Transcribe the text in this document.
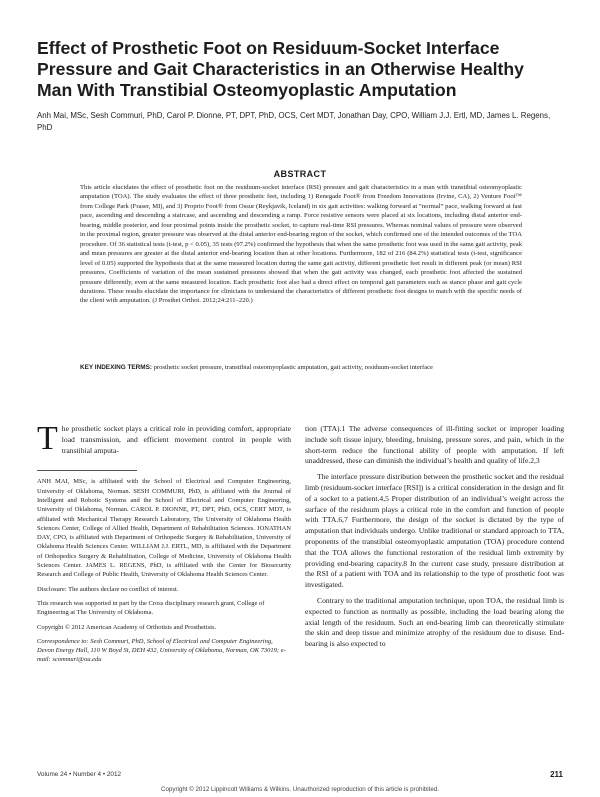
Effect of Prosthetic Foot on Residuum-Socket Interface Pressure and Gait Characteristics in an Otherwise Healthy Man With Transtibial Osteomyoplastic Amputation
Anh Mai, MSc, Sesh Commuri, PhD, Carol P. Dionne, PT, DPT, PhD, OCS, Cert MDT, Jonathan Day, CPO, William J.J. Ertl, MD, James L. Regens, PhD
ABSTRACT
This article elucidates the effect of prosthetic foot on the residuum-socket interface (RSI) pressure and gait characteristics in a man with transtibial osteomyoplastic amputation (TOA). The study evaluates the effect of three prosthetic feet, including 1) Renegade Foot® from Freedom Innovations (Irvine, CA), 2) Venture Foot™ from College Park (Fraser, MI), and 3) Proprio Foot® from Ossur (Reykjavik, Iceland) in six gait activities: walking forward at “normal” pace, walking forward at fast pace, ascending and descending a staircase, and ascending and descending a ramp. Force resistive sensors were placed at six locations, including distal anterior end-bearing, middle posterior, and four proximal points inside the prosthetic socket, to capture real-time RSI pressures. Whereas nominal values of pressure were observed in the proximal region, greater pressure was observed at the distal anterior end-bearing region of the socket, which confirmed one of the intended outcomes of the TOA procedure. Of 36 statistical tests (t-test, p < 0.05), 35 tests (97.2%) confirmed the hypothesis that when the same prosthetic foot was used in the same gait activity, peak and mean pressures are greater at the distal anterior end-bearing location than at other locations. Furthermore, 182 of 216 (84.2%) statistical tests (t-test, significance level of 0.05) supported the hypothesis that at the same measured location during the same gait activity, different prosthetic feet result in different peak (or mean) RSI pressures. Coefficients of variation of the mean sustained pressures showed that when the gait activity was changed, each prosthetic foot affected the sustained pressure differently, even at the same measured location. Each prosthetic foot also had a direct effect on temporal gait parameters such as stance phase and gait cycle durations. These results elucidate the importance for clinicians to understand the characteristics of different prosthetic foot designs to match with the specific needs of the client with amputation. (J Prosthet Orthot. 2012;24:211–220.)
KEY INDEXING TERMS: prosthetic socket pressure, transtibial osteomyoplastic amputation, gait activity, residuum-socket interface

The prosthetic socket plays a critical role in providing comfort, appropriate load transmission, and efficient movement control in people with transtibial amputa-

ANH MAI, MSc, is affiliated with the School of Electrical and Computer Engineering, University of Oklahoma, Norman. SESH COMMURI, PhD, is affiliated with the Journal of Intelligent and Robotic Systems and the School of Electrical and Computer Engineering, University of Oklahoma, Norman. CAROL P. DIONNE, PT, DPT, PhD, OCS, CERT MDT, is affiliated with Mechanical Therapy Research Laboratory, The University of Oklahoma Health Sciences Center, College of Allied Health, Department of Rehabilitation Sciences. JONATHAN DAY, CPO, is affiliated with Department of Orthopedic Surgery & Rehabilitation, University of Oklahoma Health Sciences Center. WILLIAM J.J. ERTL, MD, is affiliated with the Department of Orthopedics Surgery & Rehabilitation, College of Medicine, University of Oklahoma Health Sciences Center. JAMES L. REGENS, PhD, is affiliated with the Center for Biosecurity Research and College of Public Health, University of Oklahoma Health Sciences Center.

Disclosure: The authors declare no conflict of interest.

This research was supported in part by the Cross disciplinary research grant, College of Engineering at The University of Oklahoma.

Copyright © 2012 American Academy of Orthotists and Prosthetists.

Correspondence to: Sesh Commuri, PhD, School of Electrical and Computer Engineering, Devon Energy Hall, 110 W Boyd St, DEH 432, University of Oklahoma, Norman, OK 73019; e-mail: scommuri@ou.edu

tion (TTA).1 The adverse consequences of ill-fitting socket or improper loading include soft tissue injury, bleeding, bruising, pressure sores, and pain, which in the short-term reduce the functional ability of people with amputation. If left unaddressed, these can diminish the individual’s health and quality of life.2,3

The interface pressure distribution between the prosthetic socket and the residual limb (residuum-socket interface [RSI]) is a critical consideration in the design and fit of a socket to a patient.4,5 Proper distribution of an individual’s weight across the surface of the residuum plays a critical role in the comfort and function of people with TTA.6,7 Furthermore, the design of the socket is dictated by the type of amputation that individuals undergo. Unlike traditional or standard approach to TTA, proponents of the transtibial osteomyoplastic amputation (TOA) procedure contend that the TOA allows the functional restoration of the residual limb extremity by providing end-bearing capacity.8 In the current case study, pressure distribution at the RSI of a patient with TOA and its relationship to the type of prosthetic foot was investigated.

Contrary to the traditional amputation technique, upon TOA, the residual limb is expected to function as normally as possible, including the load bearing along the axial length of the residuum. Such an end-bearing limb can theoretically stimulate the skin and deep tissue and minimize atrophy of the residuum due to disuse. End-bearing is also expected to

Volume 24 • Number 4 • 2012	211
Copyright © 2012 Lippincott Williams & Wilkins. Unauthorized reproduction of this article is prohibited.
